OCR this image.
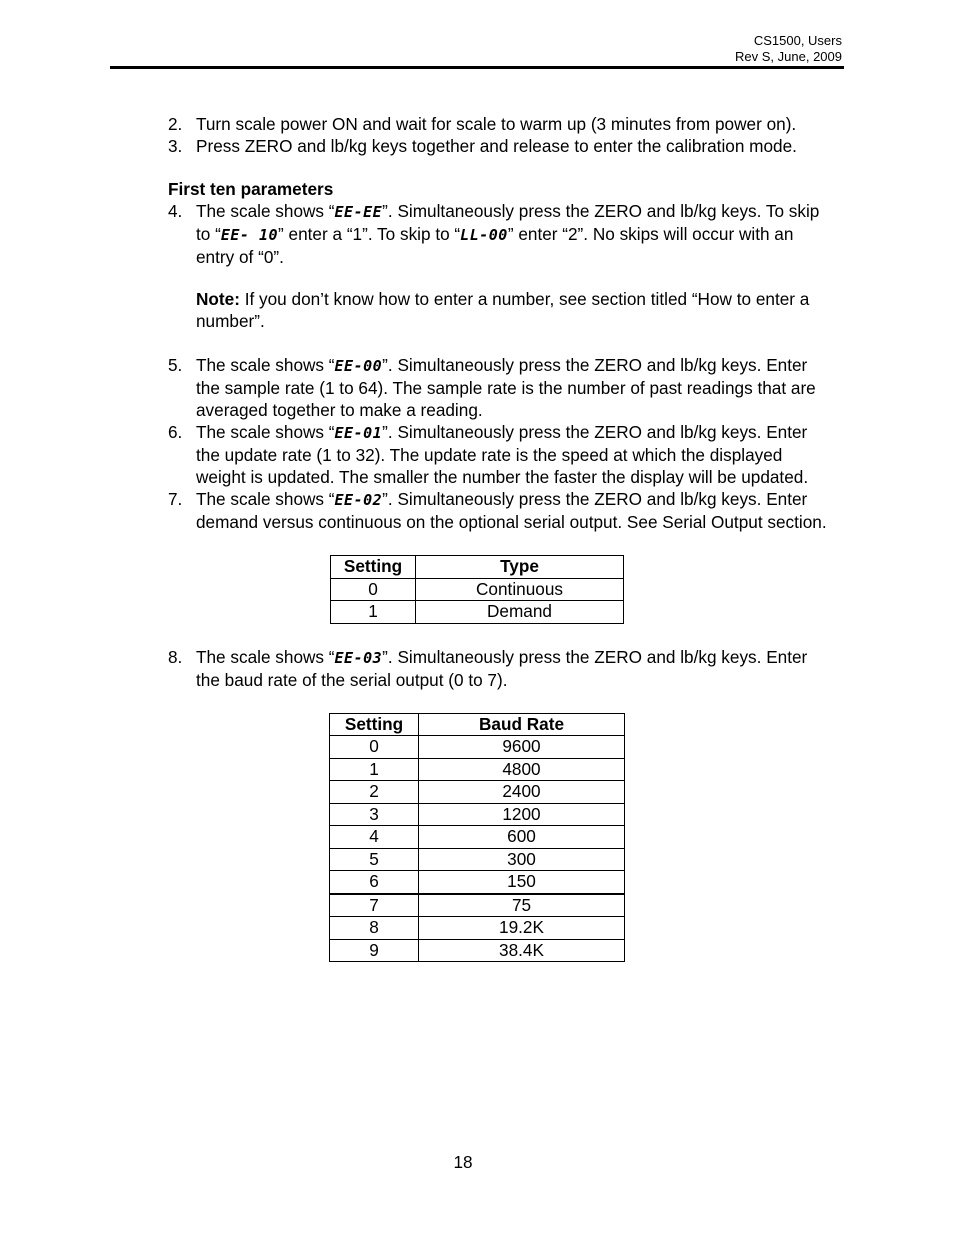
CS1500, Users
Rev S, June, 2009
2. Turn scale power ON and wait for scale to warm up (3 minutes from power on).
3. Press ZERO and lb/kg keys together and release to enter the calibration mode.
First ten parameters
4. The scale shows “EE-EE”. Simultaneously press the ZERO and lb/kg keys. To skip to “EE- 10” enter a “1”. To skip to “LL-00” enter “2”. No skips will occur with an entry of “0”.
Note: If you don’t know how to enter a number, see section titled “How to enter a number”.
5. The scale shows “EE-00”. Simultaneously press the ZERO and lb/kg keys. Enter the sample rate (1 to 64). The sample rate is the number of past readings that are averaged together to make a reading.
6. The scale shows “EE-01”. Simultaneously press the ZERO and lb/kg keys. Enter the update rate (1 to 32). The update rate is the speed at which the displayed weight is updated. The smaller the number the faster the display will be updated.
7. The scale shows “EE-02”. Simultaneously press the ZERO and lb/kg keys. Enter demand versus continuous on the optional serial output. See Serial Output section.
Setting	Type
0	Continuous
1	Demand
8. The scale shows “EE-03”. Simultaneously press the ZERO and lb/kg keys. Enter the baud rate of the serial output (0 to 7).
Setting	Baud Rate
0	9600
1	4800
2	2400
3	1200
4	600
5	300
6	150
7	75
8	19.2K
9	38.4K
18
